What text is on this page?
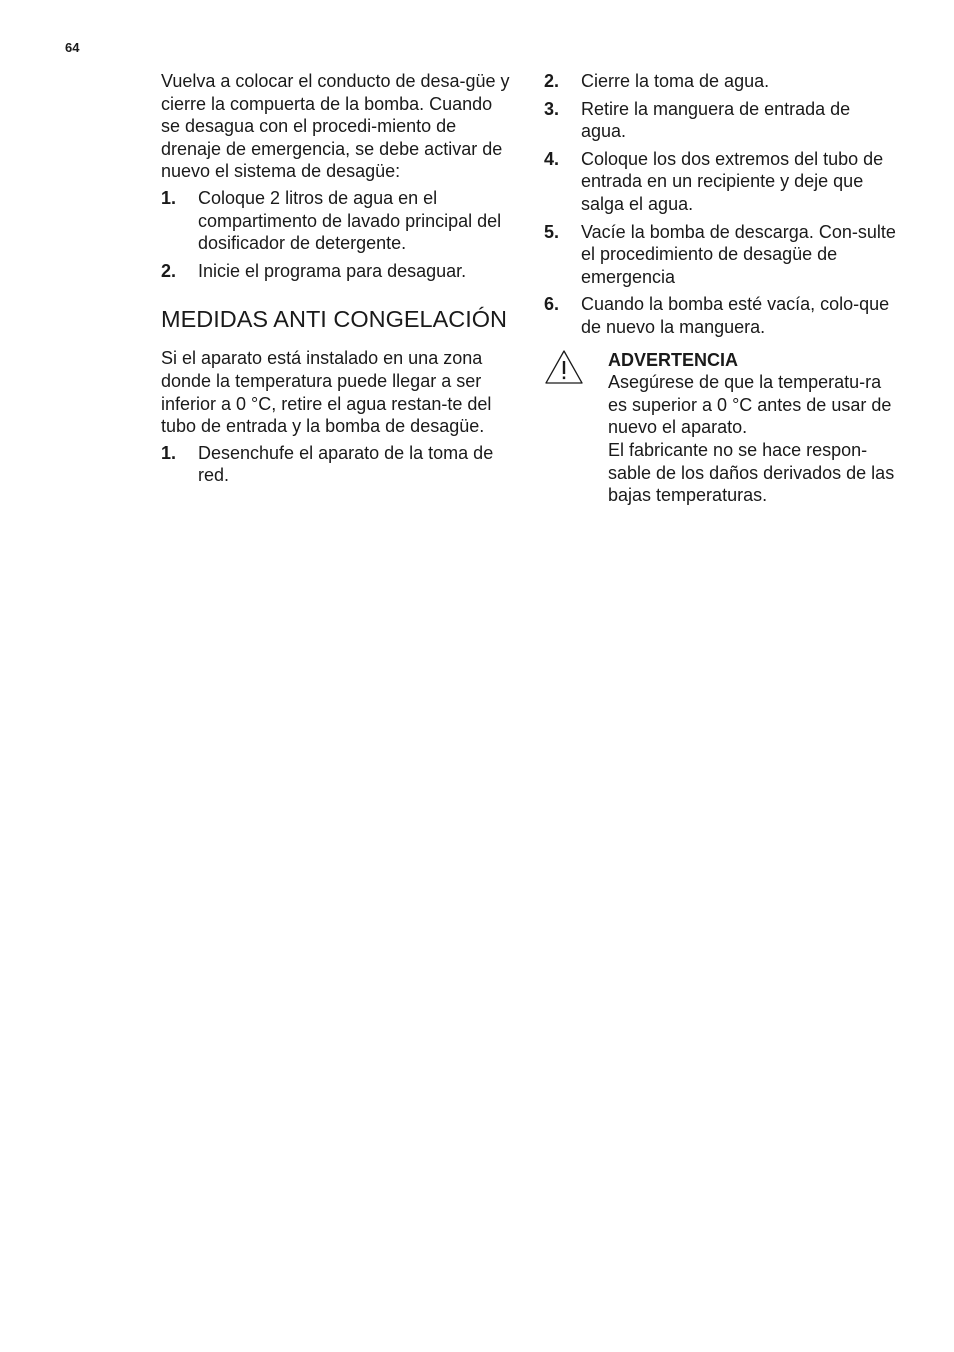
64

Vuelva a colocar el conducto de desa-güe y cierre la compuerta de la bomba. Cuando se desagua con el procedi-miento de drenaje de emergencia, se debe activar de nuevo el sistema de desagüe:

1.	Coloque 2 litros de agua en el compartimento de lavado principal del dosificador de detergente.
2.	Inicie el programa para desaguar.
MEDIDAS ANTI CONGELACIÓN

Si el aparato está instalado en una zona donde la temperatura puede llegar a ser inferior a 0 °C, retire el agua restan-te del tubo de entrada y la bomba de desagüe.

1.	Desenchufe el aparato de la toma de red.
2.	Cierre la toma de agua.
3.	Retire la manguera de entrada de agua.
4.	Coloque los dos extremos del tubo de entrada en un recipiente y deje que salga el agua.
5.	Vacíe la bomba de descarga. Con-sulte el procedimiento de desagüe de emergencia
6.	Cuando la bomba esté vacía, colo-que de nuevo la manguera.
ADVERTENCIA

Asegúrese de que la temperatu-ra es superior a 0 °C antes de usar de nuevo el aparato.

El fabricante no se hace respon-sable de los daños derivados de las bajas temperaturas.
